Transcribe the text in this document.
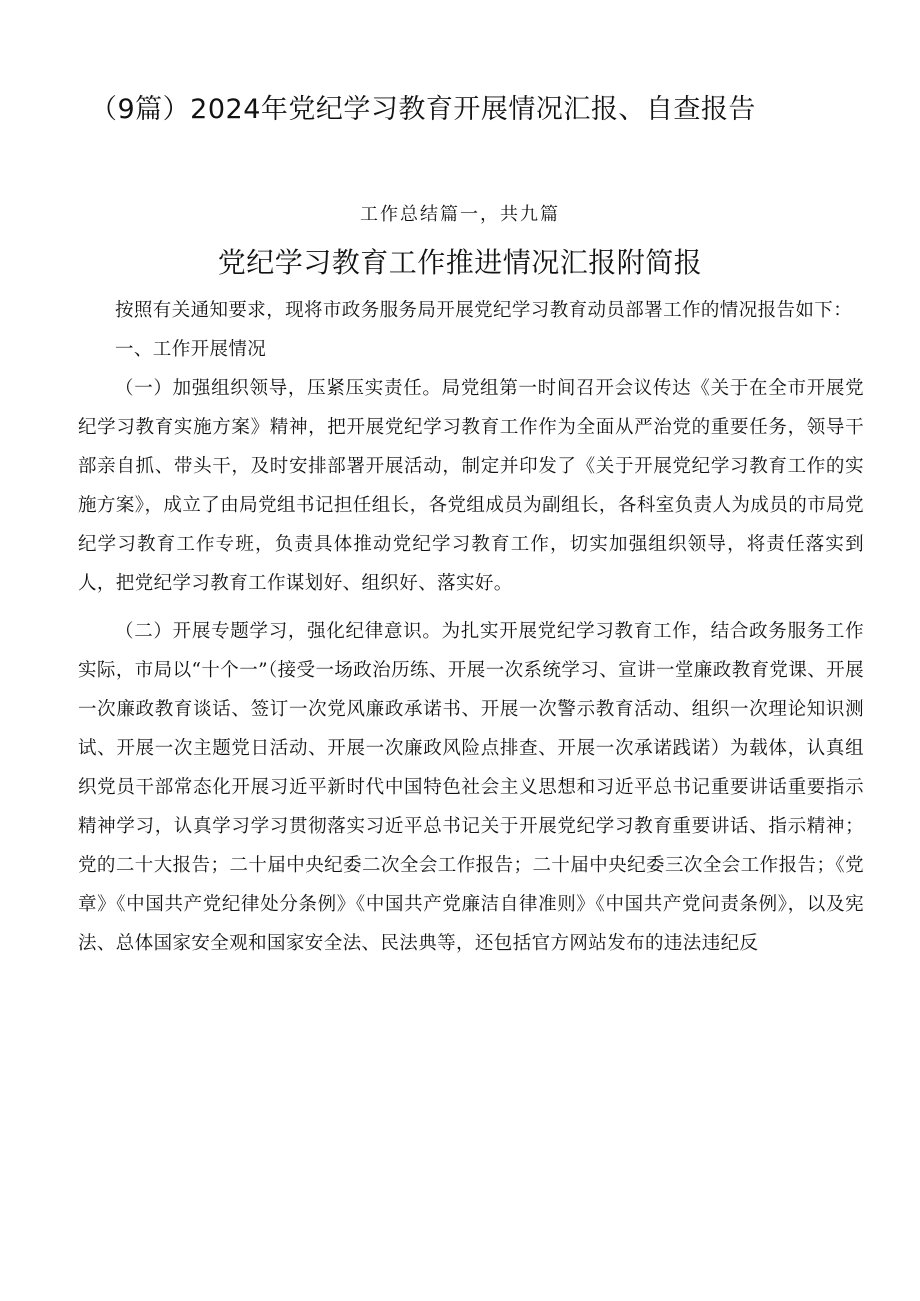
（9篇）2024年党纪学习教育开展情况汇报、自查报告

工作总结篇一，共九篇

党纪学习教育工作推进情况汇报附简报

按照有关通知要求，现将市政务服务局开展党纪学习教育动员部署工作的情况报告如下：

一、工作开展情况

（一）加强组织领导，压紧压实责任。局党组第一时间召开会议传达《关于在全市开展党纪学习教育实施方案》精神，把开展党纪学习教育工作作为全面从严治党的重要任务，领导干部亲自抓、带头干，及时安排部署开展活动，制定并印发了《关于开展党纪学习教育工作的实施方案》，成立了由局党组书记担任组长，各党组成员为副组长，各科室负责人为成员的市局党纪学习教育工作专班，负责具体推动党纪学习教育工作，切实加强组织领导，将责任落实到人，把党纪学习教育工作谋划好、组织好、落实好。

（二）开展专题学习，强化纪律意识。为扎实开展党纪学习教育工作，结合政务服务工作实际，市局以“十个一”（接受一场政治历练、开展一次系统学习、宣讲一堂廉政教育党课、开展一次廉政教育谈话、签订一次党风廉政承诺书、开展一次警示教育活动、组织一次理论知识测试、开展一次主题党日活动、开展一次廉政风险点排查、开展一次承诺践诺）为载体，认真组织党员干部常态化开展习近平新时代中国特色社会主义思想和习近平总书记重要讲话重要指示精神学习，认真学习学习贯彻落实习近平总书记关于开展党纪学习教育重要讲话、指示精神；党的二十大报告；二十届中央纪委二次全会工作报告；二十届中央纪委三次全会工作报告；《党章》《中国共产党纪律处分条例》《中国共产党廉洁自律准则》《中国共产党问责条例》，以及宪法、总体国家安全观和国家安全法、民法典等，还包括官方网站发布的违法违纪反
